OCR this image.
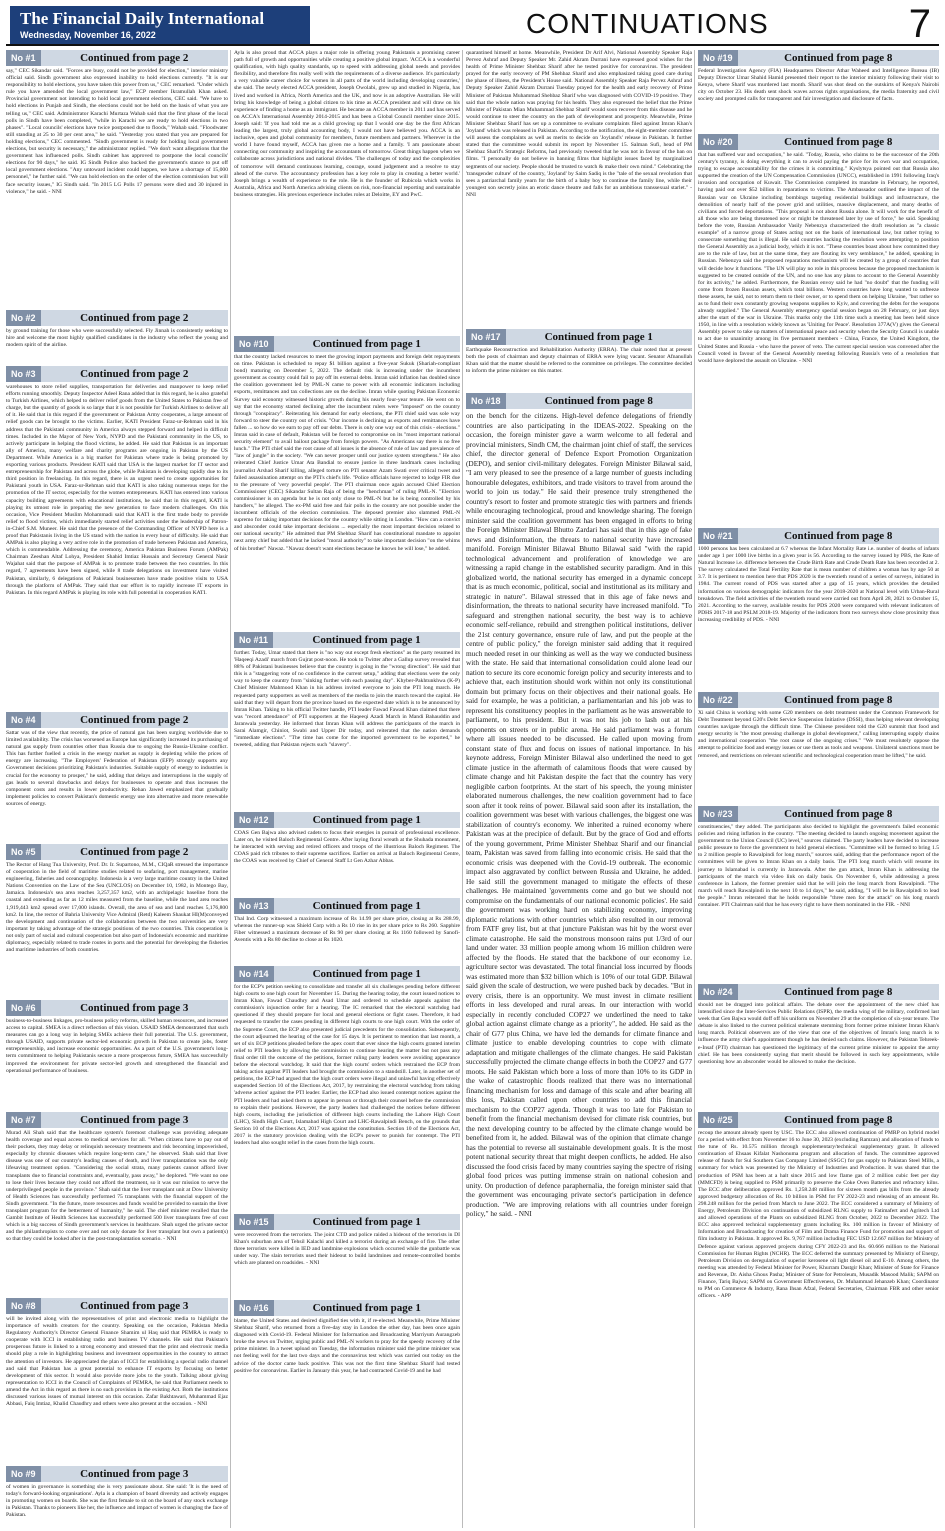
The Financial Daily International
Wednesday, November 16, 2022	CONTINUATIONS	7
No #1	Continued from page 2
say," CEC Sikandar said. "Forces are busy, could not be provided for election," interior ministry official said. Sindh government also expressed inability to hold elections currently. "It is our responsibility to hold elections, you have taken this power from us," CEC remarked. "Under which rule you have amended the local government law," ECP member Ikramullah Khan asked. Provincial government not intending to hold local government elections, CEC said. "We have to hold elections in Punjab and Sindh, the elections could not be held on the basis of what you are telling us," CEC said. Administrator Karachi Murtaza Wahab said that the first phase of the local polls in Sindh have been completed, "while in Karachi we are ready to hold elections in two phases". "Local councils' elections have twice postponed due to floods," Wahab said. "Floodwater still standing at 25 to 30 per cent area," he said. "Yesterday you stated that you are prepared for holding elections," CEC commented. "Sindh government is ready for holding local government elections, but security is necessary," the administrator replied. "We don't want allegations that the government has influenced polls. Sindh cabinet has approved to postpone the local councils' elections for 90 days," he said. IG Sindh Police also backed the government's stance to put off local government elections. "Any untoward incident could happen, we have a shortage of 15,000 personnel," he further said. "We can hold election on the order of the election commission but will face security issues," IG Sindh said. "In 2015 LG Polls 17 persons were died and 30 injured in violence," he said. - NNI
No #2	Continued from page 2
by ground training for those who were successfully selected. Fly Jinnah is consistently seeking to hire and welcome the most highly qualified candidates in the industry who reflect the young and modern spirit of the airline.
No #3	Continued from page 2
warehouses to store relief supplies, transportation for deliveries and manpower to keep relief efforts running smoothly. Deputy Inspector Adeel Rana added that in this regard, he is also grateful to Turkish Airlines, which helped to deliver relief goods from the United States to Pakistan free of charge, but the quantity of goods is so large that it is not possible for Turkish Airlines to deliver all of it. He said that in this regard if the government or Pakistan Army cooperates, a large amount of relief goods can be brought to the victims. Earlier, KATI President Faraz-ur-Rehman said in his address that the Pakistani community in America always stepped forward and helped in difficult times. Included in the Mayor of New York, NYPD and the Pakistani community in the US, to actively participate in helping the flood victims, he added. He said that Pakistan is an important ally of America, many welfare and charity programs are ongoing in Pakistan by the US Department. While America is a big market for Pakistan where trade is being promoted by exporting various products. President KATI said that USA is the largest market for IT sector and entrepreneurship for Pakistan and across the globe, while Pakistan is developing rapidly due to its third position in freelancing. In this regard, there is an urgent need to create opportunities for Pakistani youth in USA. Faraz-ur-Rehman said that KATI is also taking numerous steps for the promotion of the IT sector, especially for the women entrepreneurs. KATI has entered into various capacity building agreements with educational institutions, he said that in this regard, KATI is playing its utmost role in preparing the new generation to face modern challenges. On this occasion, Vice President Muslim Mohammadi said that KATI is the first trade body to provide relief to flood victims, which immediately started relief activities under the leadership of Patron-in-Chief S.M. Muneer. He said that the presence of the Commanding Officer of NYPD here is a proof that Pakistanis living in the US stand with the nation in every hour of difficulty. He said that AMPak is also playing a very active role in the promotion of trade between Pakistan and America, which is commendable. Addressing the ceremony, America Pakistan Business Forum (AMPak) Chairman Zeeshan Altaf Lohya, President Shahid Imtiaz Hussain and Secretary General Nasir Wajahat said that the purpose of AMPak is to promote trade between the two countries. In this regard, 7 agreements have been signed, while 8 trade delegations on investment have visited Pakistan, similarly, 6 delegations of Pakistani businessmen have made positive visits to USA through the platform of AMPak. They said that our effort is to rapidly increase IT exports in Pakistan. In this regard AMPak is playing its role with full potential in cooperation KATI.
No #4	Continued from page 2
Sattar was of the view that recently, the price of natural gas has been surging worldwide due to limited availability. The crisis has worsened as Europe has significantly increased its purchasing of natural gas supply from countries other than Russia due to ongoing the Russia-Ukraine conflict. This has further fuelled a crisis in the energy market as supply is depleting while the prices of energy are increasing. "The Employers' Federation of Pakistan (EFP) strongly supports any Government decisions prioritizing Pakistan's industries. Suitable supply of energy to industries is crucial for the economy to prosper," he said, adding that delays and interruptions in the supply of gas leads to several drawbacks and delays for businesses to operate and thus increases the component costs and results in lower productivity. Rehan Jawed emphasized that gradually implement policies to convert Pakistan's domestic energy use into alternative and more renewable sources of energy.
No #5	Continued from page 2
The Rector of Hang Tua University, Prof. Dr. Ir. Supartono, M.M., CIQaR stressed the importance of cooperation in the field of maritime studies related to seafaring, port management, marine engineering, fisheries and oceanography. Indonesia is a very large maritime country in the United Nations Convention on the Law of the Sea (UNCLOS) on December 10, 1982, in Montego Bay, Jamaica. Indonesia's sea area reaches 3,257,357 km2, with an archipelagic baseline from the coastal and extending as far as 12 miles measured from the baseline, while the land area reaches 1,919,443 km2 spread over 17,000 islands. Overall, the area of sea and land reaches 5,176,800 km2. In line, the rector of Bahria University Vice Admiral (Retd) Kaleem Shaukat HI(M)conveyed the development and continuation of the collaboration between the two universities are very important by taking advantage of the strategic positions of the two countries. This cooperation is not only part of social and cultural cooperation but also part of Indonesia's economic and maritime diplomacy, especially related to trade routes in ports and the potential for developing the fisheries and maritime industries of both countries.
No #6	Continued from page 3
business-to-business linkages, pro-business policy reforms, skilled human resources, and increased access to capital. SMEA is a direct reflection of this vision. USAID SMEA demonstrated that such measures can go a long way in helping SMEs achieve their full potential. The U.S. government, through USAID, supports private sector-led economic growth in Pakistan to create jobs, foster entrepreneurship, and increase economic opportunities. As a part of the U.S. government's long-term commitment to helping Pakistanis secure a more prosperous future, SMEA has successfully improved the environment for private sector-led growth and strengthened the financial and operational performance of business.
No #7	Continued from page 3
Murad Ali Shah said that the healthcare system's foremost challenge was providing adequate health coverage and equal access to medical services for all. "When citizens have to pay out of their pockets, they may delay or relinquish necessary treatments and risk becoming impoverished, especially by chronic diseases which require long-term care," he observed. Shah said that liver disease was one of our country's leading causes of death, and liver transplantation was the only lifesaving treatment option. "Considering the social strata, many patients cannot afford liver transplants due to financial constraints and, eventually, pass away," he deplored. "We want no one to lose their lives because they could not afford the treatment, so it was our mission to serve the underprivileged people in the province." Shah said that the liver transplant unit at Dow University of Health Sciences has successfully performed 75 transplants with the financial support of the Sindh government. "In the future, more resources and funds would be provided to sustain the liver transplant program for the betterment of humanity," he said. The chief minister recalled that the Gambit Institute of Health Sciences has successfully performed 500 liver transplants free of cost which is a big success of Sindh government's services in healthcare. Shah urged the private sector and the philanthropists to come over and not only donate for liver transplant but own a patient(s) so that they could be looked after in the post-transplantation scenario. - NNI
No #8	Continued from page 3
will be invited along with the representatives of print and electronic media to highlight the importance of wealth creators for the country. Speaking on the occasion, Pakistan Media Regulatory Authority's Director General Finance Shamim ul Haq said that PEMRA is ready to cooperate with ICCI in establishing radio and business TV channels. He said that Pakistan's prosperous future is linked to a strong economy and stressed that the print and electronic media should play a role in highlighting business and investment opportunities in the country to attract the attention of investors. He appreciated the plan of ICCI for establishing a special radio channel and said that Pakistan has a great potential to enhance IT exports by focusing on better development of this sector. It would also provide more jobs to the youth. Talking about giving representation to ICCI in the Council of Complaints of PEMRA, he said that Parliament needs to amend the Act in this regard as there is no such provision in the existing Act. Both the institutions discussed various issues of mutual interest on this occasion. Zafar Bakhtawari, Muhammad Ejaz Abbasi, Faiq Imtiaz, Khalid Chaudhry and others were also present at the occasion. - NNI
No #9	Continued from page 3
of women in governance is something she is very passionate about. She said: 'It is the need of today's forward-looking organisations'. Ayla is a champion of board diversity and actively engages in promoting women on boards. She was the first female to sit on the board of any stock exchange in Pakistan. Thanks to pioneers like her, the influence and impact of women is changing the face of Pakistan.
Ayla is also proud that ACCA plays a major role in offering young Pakistanis a promising career path full of growth and opportunities while creating a positive global impact. 'ACCA is a wonderful qualification, with high quality standards, up to speed with addressing global needs and provides flexibility, and therefore fits really well with the requirements of a diverse audience. It's particularly a very valuable career choice for women in all parts of the world including developing countries,' she said. The newly elected ACCA president, Joseph Owolabi, grew up and studied in Nigeria, has lived and worked in Africa, North America and the UK, and now is an adoptive Australian. He will bring his knowledge of being a global citizen to his time as ACCA president and will draw on his experience of finding a home as an immigrant. He became an ACCA member in 2011 and has served on ACCA's International Assembly 2014-2015 and has been a Global Council member since 2015. Joseph said: 'If you had told me as a child growing up that I would one day be the first African leading the largest, truly global accounting body, I would not have believed you. ACCA is an inclusive, open and global community for members, future members and partners. Wherever in the world I have found myself, ACCA has given me a home and a family. 'I am passionate about connecting our community and inspiring the accountants of tomorrow. Great things happen when we collaborate across jurisdictions and national divides. 'The challenges of today and the complexities of tomorrow will demand continuous learning, courage, sound judgement and a resolve to stay ahead of the curve. The accountancy profession has a key role to play in creating a better world.' Joseph brings a wealth of experience to the role. He is the founder of Rubicola which works in Australia, Africa and North America advising clients on risk, non-financial reporting and sustainable business strategies. His previous experience includes roles at Deloitte, EY and PwC.
No #10	Continued from page 1
that the country lacked resources to meet the growing import payments and foreign debt repayments on time. Pakistan is scheduled to repay $1 billion against a five-year Sukuk (Shariah-compliant bond) maturing on December 5, 2022. The default risk is increasing under the incumbent government as country could fail to pay off its external debts. Imran said inflation has doubled since the coalition government led by PML-N came to power with all economic indicators including exports, remittances and tax collections are on the decline. Imran while quoting Pakistan Economic Survey said economy witnessed historic growth during his nearly four-year tenure. He went on to say that the economy started declining after the incumbent rulers were "imposed" on the country through "conspiracy". Reiterating his demand for early elections, the PTI chief said was sole way forward to steer the country out of crisis. "Our income is declining as exports and remittances have fallen ... so how do we earn to pay off our debts. There is only one way out of this crisis - elections." Imran said in case of default, Pakistan will be forced to compromise on its "most important national security element" to avail bailout package from foreign powers. "As Americans say there is no free lunch." The PTI chief said the root cause of all issues is the absence of rule of law and prevalence of "law of jungle" in the society. "We can never prosper until our justice system strengthens." He also reiterated Chief Justice Umar Ata Bandial to ensure justice in three landmark cases including journalist Arshad Sharif killing, alleged torture on PTI senator Azam Swati over critical tweet and failed assassination attempt on the PTI's chief's life. "Police officials have rejected to lodge FIR due to the pressure of 'very powerful people'. The PTI chairman once again accused Chief Election Commissioner (CEC) Sikandar Sultan Raja of being the "henchman" of ruling PML-N. "Election commissioner is on agenda but he is not only close to PML-N but he is being controlled by his handlers," he alleged. The ex-PM said free and fair polls in the country are not possible under the incumbent officials of the election commission. The deposed premier also slammed PML-N supremo for taking important decisions for the country while sitting in London. "How can a convict and absconder could take important decisions ... especially the most important decision related to our national security." He admitted that PM Shehbaz Sharif has constitutional mandate to appoint next army chief but added that he lacked "moral authority" to take important decision "on the whims of his brother" Nawaz. "Nawaz doesn't want elections because he knows he will lose," he added.
No #11	Continued from page 1
further. Today, Umar stated that there is "no way out except fresh elections" as the party resumed its 'Haqeeqi Azadi' march from Gujrat post-noon. He took to Twitter after a Gallup survey revealed that 88% of Pakistani businesses believe that the country is going in the "wrong direction". He said that this is a "staggering vote of no confidence in the current setup," adding that elections were the only way to keep the country from "sinking further with each passing day". Khyber-Pakhtunkhwa (K-P) Chief Minister Mahmood Khan in his address invited everyone to join the PTI long march. He requested party supporters as well as members of the media to join the march toward the capital. He said that they will depart from the province based on the expected date which is to be announced by Imran Khan. Taking to his official Twitter handle, PTI leader Fawad Fawad Khan claimed that there was "record attendance" of PTI supporters at the Haqeeqi Azadi March in Mandi Bahauddin and Jaranwala yesterday. He informed that Imran Khan will address the participants of the march in Sarai Alamgir, Chiniot, Swabi and Upper Dir today, and reiterated that the nation demands "immediate elections". "The time has come for the imported government to be exported," he tweeted, adding that Pakistan rejects such "slavery".
No #12	Continued from page 1
COAS Gen Bajwa also advised cadets to focus their energies in pursuit of professional excellence. Later on, he visited Baloch Regimental Centre. After laying floral wreath at the Shuhada monument, he interacted with serving and retired officers and troops of the illustrious Baloch Regiment. The COAS paid rich tributes to their supreme sacrifices. Earlier on arrival at Baloch Regimental Centre, the COAS was received by Chief of General Staff Lt Gen Azhar Abbas.
No #13	Continued from page 1
Thal Ind. Corp witnessed a maximum increase of Rs 14.99 per share price, closing at Rs 288.99, whereas the runner-up was Shield Corp with a Rs 10 rise in its per share price to Rs 260. Sapphire Fiber witnessed a maximum decrease of Rs 90 per share closing at Rs 1160 followed by Sanofi-Aventis with a Rs 80 decline to close at Rs 1020.
No #14	Continued from page 1
for the ECP's petition seeking to consolidate and transfer all six challenges pending before different high courts to one high court for November 15. During the hearing today, the court issued notices to Imran Khan, Fawad Chaudhry and Asad Umar and ordered to schedule appeals against the commission's injunction order for a hearing. The IC remarked that the electoral watchdog had questioned if they should prepare for local and general elections or fight cases. Therefore, it had requested to transfer the cases pending in different high courts to one high court. With the order of the Supreme Court, the ECP also presented judicial precedents for the consolidation. Subsequently, the court adjourned the hearing of the case for 15 days. It is pertinent to mention that last month, a set of six ECP petitions pleaded before the apex court that ever since the high courts granted interim relief to PTI leaders by allowing the commission to continue hearing the matter but not pass any final order till the outcome of the petitions, former ruling party leaders were avoiding appearance before the electoral watchdog. It said that the high courts' orders which restrained the ECP from taking action against PTI leaders had brought the commission to a standstill. Later, in another set of petitions, the ECP had argued that the high court orders were illegal and unlawful having effectively suspended Section 10 of the Elections Act, 2017, by restraining the electoral watchdog from taking 'adverse action' against the PTI leader. Earlier, the ECP had also issued contempt notices against the PTI leaders and had asked them to appear in person or through their counsel before the commission to explain their positions. However, the party leaders had challenged the notices before different high courts, including the jurisdiction of different high courts including the Lahore High Court (LHC), Sindh High Court, Islamabad High Court and LHC-Rawalpindi Bench, on the grounds that Section 10 of the Elections Act, 2017 was against the constitution. Section 10 of the Elections Act, 2017 is the statutory provision dealing with the ECP's power to punish for contempt. The PTI leaders had also sought relief in the cases from the high courts.
No #15	Continued from page 1
were recovered from the terrorists. The joint CTD and police raided a hideout of the terrorists in DI Khan's suburban area of Tehsil Kalachi and killed a terrorist during an exchange of fire. The other three terrorists were killed in IED and landmine explosions which occurred while the gunbattle was under way. The slain terrorists used their hideout to build landmines and remote-controlled bombs which are planted on roadsides. - NNI
No #16	Continued from page 1
blame, the United States and desired dignified ties with it, if re-elected. Meanwhile, Prime Minister Shehbaz Sharif, who returned from a five-day stay in London the other day, has been once again diagnosed with Covid-19. Federal Minister for Information and Broadcasting Marriyum Aurangzeb broke the news on Twitter, urging public and PML-N workers to pray for the speedy recovery of the prime minister. In a tweet upload on Tuesday, the information minister said the prime minister was not feeling well for the last two days and the coronavirus test which was carried out today on the advice of the doctor came back positive. This was not the first time Shehbaz Sharif had tested positive for coronavirus. Earlier in January this year, he had contracted Covid-19 and he had
quarantined himself at home. Meanwhile, President Dr Arif Alvi, National Assembly Speaker Raja Pervez Ashraf and Deputy Speaker Mr. Zahid Akram Durrani have expressed good wishes for the health of Prime Minister Shehbaz Sharif after he tested positive for coronavirus. The president prayed for the early recovery of PM Shehbaz Sharif and also emphasized taking good care during the phase of illness, the President's House said. National Assembly Speaker Raja Pervez Ashraf and Deputy Speaker Zahid Akram Durrani Tuesday prayed for the health and early recovery of Prime Minister of Pakistan Muhammad Shehbaz Sharif who was diagnosed with COVID-19 positive. They said that the whole nation was praying for his health. They also expressed the belief that the Prime Minister of Pakistan Mian Muhammad Shehbaz Sharif would soon recover from this disease and he would continue to steer the country on the path of development and prosperity. Meanwhile, Prime Minister Shehbaz Sharif has set up a committee to evaluate complaints filed against Imran Khan's 'Joyland' which was released in Pakistan. According to the notification, the eight-member committee will assess the complaints as well as merits to decide on 'Joyland's' release in Pakistan. It further stated that the committee would submit its report by November 15. Salman Sufi, head of PM Shehbaz Sharif's Strategic Reforms, had previously tweeted that he was not in favour of the ban on films. "I personally do not believe in banning films that highlight issues faced by marginalized segments of our society. People should be trusted to watch & make their own mind." Celebrating the 'transgender culture' of the country, 'Joyland' by Saim Sadiq is the "tale of the sexual revolution that sees a patriarchal family yearn for the birth of a baby boy to continue the family line, while their youngest son secretly joins an erotic dance theatre and falls for an ambitious transsexual starlet." - NNI
No #17	Continued from page 1
Earthquake Reconstruction and Rehabilitation Authority (ERRA). The chair noted that at present both the posts of chairman and deputy chairman of ERRA were lying vacant. Senator Afnanullah Khan said that the matter should be referred to the committee on privileges. The committee decided to inform the prime minister on this matter.
No #18	Continued from page 8
on the bench for the citizens. High-level defence delegations of friendly countries are also participating in the IDEAS-2022. Speaking on the occasion, the foreign minister gave a warm welcome to all federal and provincial ministers, Sindh CM, the chairman joint chief of staff, the services chief, the director general of Defence Export Promotion Organization (DEPO), and senior civil-military delegates. Foreign Minister Bilawal said, "I am very pleased to see the presence of a large number of guests including honourable delegates, exhibitors, and trade visitors to travel from around the world to join us today." He said their presence truly strengthened the country's resort to foster and promote strategic ties with partners and friends while encouraging technological, proud and knowledge sharing. The foreign minister said the coalition government has been engaged in efforts to bring the Foreign Minister Bilawal Bhutto Zardari has said that in this age of fake news and disinformation, the threats to national security have increased manifold. Foreign Minister Bilawal Bhutto Bilawal said "with the rapid technological advancement and proliferation of knowledge we are witnessing a rapid change in the established security paradigm. And in this globalized world, the national security has emerged in a dynamic concept that is as much economic, political, social and institutional as its military and strategic in nature". Bilawal stressed that in this age of fake news and disinformation, the threats to national security have increased manifold. "To safeguard and strengthen national security, the best way is to achieve economic self-reliance, rebuild and strengthen political institutions, deliver the 21st century governance, ensure rule of law, and put the people at the centre of public policy," the foreign minister said adding that it required much needed reset in our thinking as well as the way we conducted business with the state. He said that international consolidation could alone lead our nation to secure its core economic foreign policy and security interests and to achieve that, each institution should work within not only its constitutional domain but primary focus on their objectives and their national goals. He said for example, he was a politician, a parliamentarian and his job was to represent his constituency peoples in the parliament as he was answerable to parliament, to his president. But it was not his job to lash out at his opponents on streets or in public arena. He said parliament was a forum where all issues needed to be discussed. He called upon moving from constant state of flux and focus on issues of national importance. In his keynote address, Foreign Minister Bilawal also underlined the need to get climate justice in the aftermath of calamitous floods that were caused by climate change and hit Pakistan despite the fact that the country has very negligible carbon footprints. At the start of his speech, the young minister elaborated numerous challenges, the new coalition government had to face soon after it took reins of power. Bilawal said soon after its installation, the coalition government was beset with various challenges, the biggest one was stabilization of country's economy. We inherited a ruined economy where Pakistan was at the precipice of default. But by the grace of God and efforts of the young government, Prime Minister Shehbaz Sharif and our financial team, Pakistan was saved from falling into economic crisis. He said that the economic crisis was deepened with the Covid-19 outbreak. The economic impact also aggravated by conflict between Russia and Ukraine, he added. He said still the government managed to mitigate the effects of these challenges. He maintained 'governments come and go but we should not compromise on the fundamentals of our national economic policies'. He said the government was working hard on stabilizing economy, improving diplomatic relations with other countries which also resulted in our removal from FATF grey list, but at that juncture Pakistan was hit by the worst ever climate catastrophe. He said the monstrous monsoon rains put 1/3rd of our land under water. 33 million people among whom 16 million children were affected by the floods. He stated that the backbone of our economy i.e. agriculture sector was devastated. The total financial loss incurred by floods was estimated more than $32 billion which is 10% of our total GDP. Bilawal said given the scale of destruction, we were pushed back by decades. "But in every crisis, there is an opportunity. We must invest in climate resilient efforts in less developed and rural areas. In our interaction with world especially in recently concluded COP27 we underlined the need to take global action against climate change as a priority", he added. He said as the chair of G77 plus China, we have led the demands for climate finance and climate justice to enable developing countries to cope with climate adaptation and mitigate challenges of the climate changes. He said Pakistan successfully projected the climate change effects in both the COP27 and G77 moots. He said Pakistan which bore a loss of more than 10% to its GDP in the wake of catastrophic floods realized that there was no international financing mechanism for loss and damage of this scale and after bearing all this loss, Pakistan called upon other countries to add this financial mechanism to the COP27 agenda. Though it was too late for Pakistan to benefit from the financial mechanism devised for climate risk countries, but the next developing country to be affected by the climate change would be benefited from it, he added. Bilawal was of the opinion that climate change has the potential to reverse all sustainable development goals. It is the most potent national security threat that might deepen conflicts, he added. He also discussed the food crisis faced by many countries saying the spectre of rising global food prices was putting immense strain on national cohesion and unity. On production of defence paraphernalia, the foreign minister said that the government was encouraging private sector's participation in defence production. "We are improving relations with all countries under foreign policy," he said. - NNI
No #19	Continued from page 8
Federal Investigation Agency (FIA) Headquarters Director Athar Waheed and Intelligence Bureau (IB) Deputy Director Umar Shahid Hamid presented their report to the interior ministry following their visit to Kenya, where Sharif was murdered last month. Sharif was shot dead on the outskirts of Kenya's Nairobi city on October 23. His death sent shock waves across rights organisations, the media fraternity and civil society and prompted calls for transparent and fair investigation and disclosure of facts.
No #20	Continued from page 8
that has suffered war and occupation," he said. "Today, Russia, who claims to be the successor of the 20th century's tyranny, is doing everything it can to avoid paying the price for its own war and occupation, trying to escape accountability for the crimes it is committing." Kyslytsya pointed out that Russia also supported the creation of the UN Compensation Commission (UNCC), established in 1991 following Iraq's invasion and occupation of Kuwait. The Commission completed its mandate in February, he reported, having paid out over $52 billion in reparations to victims. The Ambassador outlined the impact of the Russian war on Ukraine including bombings targeting residential buildings and infrastructure, the demolition of nearly half of the power grid and utilities, massive displacement, and many deaths of civilians and forced deportations. "This proposal is not about Russia alone. It will work for the benefit of all those who are being threatened now or might be threatened later by use of force," he said. Speaking before the vote, Russian Ambassador Vasily Nebenzya characterized the draft resolution as "a classic example" of a narrow group of States acting not on the basis of international law, but rather trying to consecrate something that is illegal. He said countries backing the resolution were attempting to position the General Assembly as a judicial body, which it is not. "These countries boast about how committed they are to the rule of law, but at the same time, they are flouting its very semblance," he added, speaking in Russian. Nebenzya said the proposed reparations mechanism will be created by a group of countries that will decide how it functions. "The UN will play no role in this process because the proposed mechanism is suggested to be created outside of the UN, and no one has any plans to account to the General Assembly for its activity," he added. Furthermore, the Russian envoy said he had "no doubt" that the funding will come from frozen Russian assets, which total billions. Western countries have long wanted to unfreeze these assets, he said, not to return them to their owner, or to spend them on helping Ukraine, "but rather so as to fund their own constantly growing weapons supplies to Kyiv, and covering the debts for the weapons already supplied." The General Assembly emergency special session began on 28 February, or just days after the start of the war in Ukraine. This marks only the 11th time such a meeting has been held since 1950, in line with a resolution widely known as 'Uniting for Peace'. Resolution 377A(V) gives the General Assembly power to take up matters of international peace and security when the Security Council is unable to act due to unanimity among its five permanent members - China, France, the United Kingdom, the United States and Russia - who have the power of veto. The current special session was convened after the Council voted in favour of the General Assembly meeting following Russia's veto of a resolution that would have deplored the assault on Ukraine. - NNI
No #21	Continued from page 8
1000 persons has been calculated at 6.7 whereas the Infant Mortality Rate i.e. number of deaths of infants under age 1 per 1000 live births in a given year is 56. According to the survey issued by PBS, the Rate of Natural Increase i.e. difference between the Crude Birth Rate and Crude Death Rate has been recorded at 2. The survey calculated the Total Fertility Rate that is mean number of children a woman has by age 50 at 3.7. It is pertinent to mention here that PDS 2020 is the twentieth round of a series of surveys, initiated in 1984. The current round of PDS was started after a gap of 15 years, which provides the detailed information on various demographic indicators for the year 2018-2020 at National level with Urban-Rural breakdown. The field activities of the twentieth round were carried out from April 28, 2021 to October 15, 2021. According to the survey, available results for PDS 2020 were compared with relevant indicators of PDHS 2017-18 and PSLM 2018-19. Majority of the indicators from two surveys show close proximity thus increasing credibility of PDS. - NNI
No #22	Continued from page 8
Xi said China is working with some G20 members on debt treatment under the Common Framework for Debt Treatment beyond G20's Debt Service Suspension Initiative (DSSI), thus helping relevant developing countries navigate through the difficult time. The Chinese president told the G20 summit that food and energy security is "the most pressing challenge in global development," calling interrupting supply chains and international cooperation "the root cause of the ongoing crises." "We must resolutely oppose the attempt to politicize food and energy issues or use them as tools and weapons. Unilateral sanctions must be removed, and restrictions on relevant scientific and technological cooperation must be lifted," he said.
No #23	Continued from page 8
constituencies," they added. The participants also decided to highlight the government's failed economic policies and rising inflation in the country. "The meeting decided to launch ongoing movement against the government to the Union Council (UC) level," sources claimed. The party leaders have decided to increase public pressure to force the government to hold general elections. "Committee will be formed to bring 1.5 to 2 million people to Rawalpindi for long march," sources said, adding that the performance report of the committees will be given to Imran Khan on a daily basis. The PTI long march which will resume its journey to Islamabad is currently in Jaranwala. After the gun attack, Imran Khan is addressing the participants of the march via video link on daily basis. On November 6, while addressing a press conference in Lahore, the former premier said that he will join the long march from Rawalpindi. "The march will reach Rawalpindi in the next 10 to 14 days," he said, adding, "I will be in Rawalpindi to lead the people." Imran reiterated that he holds responsible "three men for the attack" on his long march container. PTI Chairman said that he has every right to have them nominated in the FIR. - NNI
No #24	Continued from page 8
should not be dragged into political affairs. The debate over the appointment of the new chief has intensified since the Inter-Services Public Relations (ISPR), the media wing of the military, confirmed last week that Gen Bajwa would doff off his uniform on November 29 at the completion of six-year tenure. The debate is also linked to the current political stalemate stemming from former prime minister Imran Khan's long march. Political observers are of the view that one of the objectives of Imran's long march is to influence the army chief's appointment though he has denied such claims. However, the Pakistan Tehreek-e-Insaf (PTI) chairman has questioned the legitimacy of the current prime minister to appoint the army chief. He has been consistently saying that merit should be followed in such key appointments, while questioning how an absconder would be allowed to make the decision.
No #25	Continued from page 8
recoup the amount already spent by USC. The ECC also allowed continuation of PMRP on hybrid model for a period with effect from November 16 to June 30, 2023 (excluding Ramzan) and allocation of funds to the tune of Rs. 10.575 million through supplementary/technical supplementary grant. It allowed continuation of Ehsaas Kifalat Nashonuma program and allocation of funds. The committee approved release of funds for Sui Southern Gas Company Limited (SSGC) for gas supply to Pakistan Steel Mills, a summary for which was presented by the Ministry of Industries and Production. It was shared that the production of PSM has been at a halt since 2015 and low flame gas of 2 million cubic feet per day (MMCFD) is being supplied to PSM primarily to preserve the Coke Oven Batteries and refractory kilns. The ECC after deliberation approved Rs. 1,258.248 million for sixteen month gas bills from the already approved budgetary allocation of Rs. 10 billion in PSM for FY 2022-23 and releasing of an amount Rs. 298.248 million for the period from March to June 2022. The ECC considered a summary of Ministry of Energy, Petroleum Division on continuation of subsidized RLNG supply to Fatimafert and Agritech Ltd and allowed operations of the Plants on subsidized RLNG from October, 2022 to December 2022. The ECC also approved technical supplementary grants including Rs. 100 million in favour of Ministry of Information and Broadcasting for creation of Film and Drama Finance Fund for promotion and support of film industry in Pakistan. It approved Rs. 9,767 million including FEC USD 12.667 million for Ministry of Defence against various approved projects during CFY 2022-23 and Rs. 60.666 million to the National Commission for Human Rights (NCHR). The ECC deferred the summary presented by Ministry of Energy, Petroleum Division on deregulation of superior kerosene oil light diesel oil and E-10. Among others, the meeting was attended by Federal Minister for Power, Khurram Dastgir Khan; Minister of State for Finance and Revenue, Dr. Aisha Ghous Pasha; Minister of State for Petroleum, Musadik Masood Malik; SAPM on Finance, Tariq Bajwa; SAPM on Government Effectiveness, Dr. Muhammad Jehanzeb Khan; Coordinator to PM on Commerce & Industry, Rana Ihsan Afzal, Federal Secretaries, Chairman FBR and other senior officers. - APP
